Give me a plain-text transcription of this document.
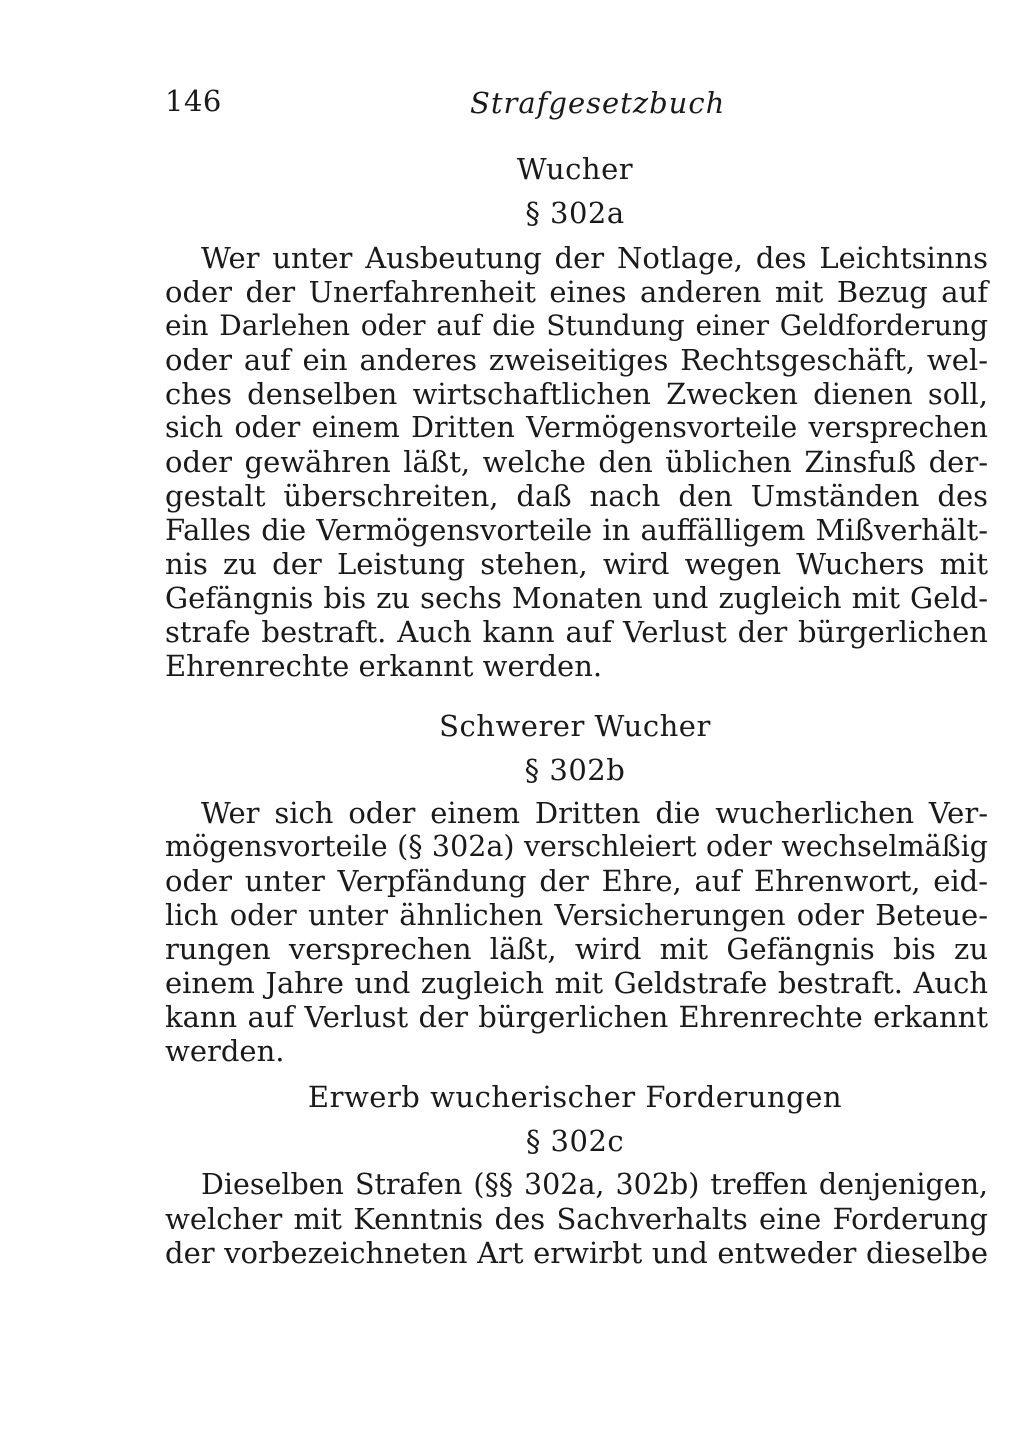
146	Strafgesetzbuch
Wucher
§ 302a
Wer unter Ausbeutung der Notlage, des Leichtsinns
oder der Unerfahrenheit eines anderen mit Bezug auf
ein Darlehen oder auf die Stundung einer Geldforderung
oder auf ein anderes zweiseitiges Rechtsgeschäft, wel-
ches denselben wirtschaftlichen Zwecken dienen soll,
sich oder einem Dritten Vermögensvorteile versprechen
oder gewähren läßt, welche den üblichen Zinsfuß der-
gestalt überschreiten, daß nach den Umständen des
Falles die Vermögensvorteile in auffälligem Mißverhält-
nis zu der Leistung stehen, wird wegen Wuchers mit
Gefängnis bis zu sechs Monaten und zugleich mit Geld-
strafe bestraft. Auch kann auf Verlust der bürgerlichen
Ehrenrechte erkannt werden.
Schwerer Wucher
§ 302b
Wer sich oder einem Dritten die wucherlichen Ver-
mögensvorteile (§ 302a) verschleiert oder wechselmäßig
oder unter Verpfändung der Ehre, auf Ehrenwort, eid-
lich oder unter ähnlichen Versicherungen oder Beteue-
rungen versprechen läßt, wird mit Gefängnis bis zu
einem Jahre und zugleich mit Geldstrafe bestraft. Auch
kann auf Verlust der bürgerlichen Ehrenrechte erkannt
werden.
Erwerb wucherischer Forderungen
§ 302c
Dieselben Strafen (§§ 302a, 302b) treffen denjenigen,
welcher mit Kenntnis des Sachverhalts eine Forderung
der vorbezeichneten Art erwirbt und entweder dieselbe
